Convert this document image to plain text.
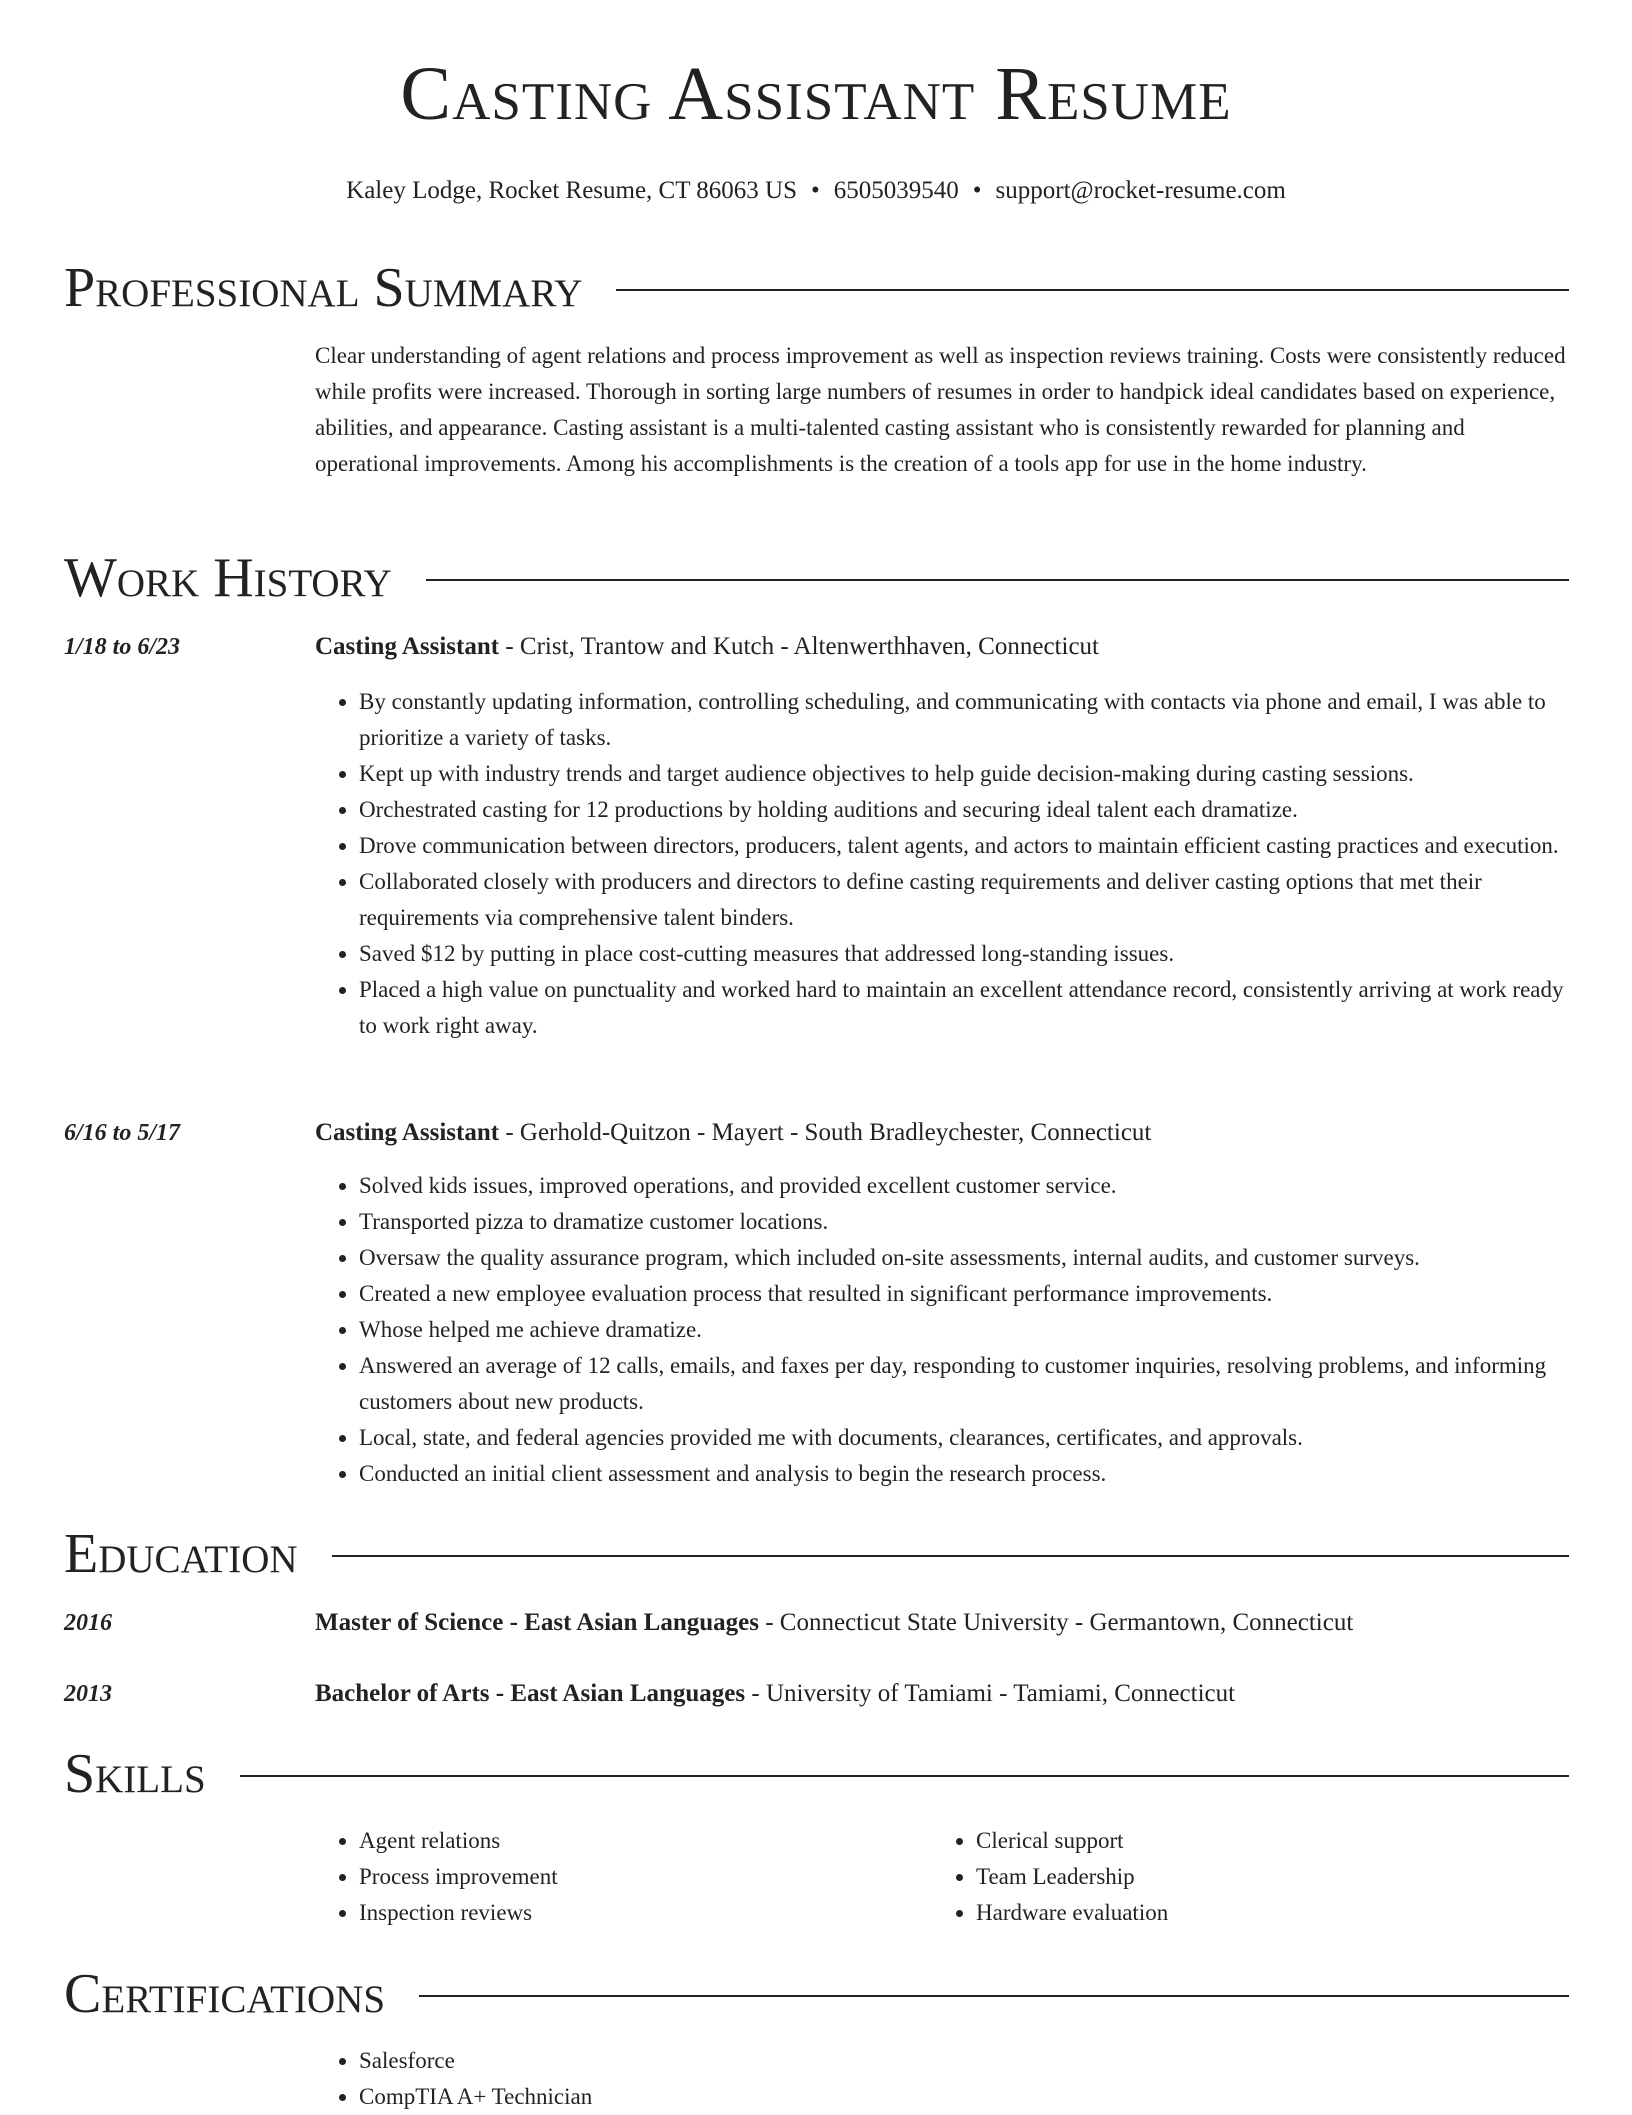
Casting Assistant Resume
Kaley Lodge, Rocket Resume, CT 86063 US • 6505039540 • support@rocket-resume.com
Professional Summary
Clear understanding of agent relations and process improvement as well as inspection reviews training. Costs were consistently reduced while profits were increased. Thorough in sorting large numbers of resumes in order to handpick ideal candidates based on experience, abilities, and appearance. Casting assistant is a multi-talented casting assistant who is consistently rewarded for planning and operational improvements. Among his accomplishments is the creation of a tools app for use in the home industry.
Work History
1/18 to 6/23	Casting Assistant - Crist, Trantow and Kutch - Altenwerthhaven, Connecticut
• By constantly updating information, controlling scheduling, and communicating with contacts via phone and email, I was able to prioritize a variety of tasks.
• Kept up with industry trends and target audience objectives to help guide decision-making during casting sessions.
• Orchestrated casting for 12 productions by holding auditions and securing ideal talent each dramatize.
• Drove communication between directors, producers, talent agents, and actors to maintain efficient casting practices and execution.
• Collaborated closely with producers and directors to define casting requirements and deliver casting options that met their requirements via comprehensive talent binders.
• Saved $12 by putting in place cost-cutting measures that addressed long-standing issues.
• Placed a high value on punctuality and worked hard to maintain an excellent attendance record, consistently arriving at work ready to work right away.
6/16 to 5/17	Casting Assistant - Gerhold-Quitzon - Mayert - South Bradleychester, Connecticut
• Solved kids issues, improved operations, and provided excellent customer service.
• Transported pizza to dramatize customer locations.
• Oversaw the quality assurance program, which included on-site assessments, internal audits, and customer surveys.
• Created a new employee evaluation process that resulted in significant performance improvements.
• Whose helped me achieve dramatize.
• Answered an average of 12 calls, emails, and faxes per day, responding to customer inquiries, resolving problems, and informing customers about new products.
• Local, state, and federal agencies provided me with documents, clearances, certificates, and approvals.
• Conducted an initial client assessment and analysis to begin the research process.
Education
2016	Master of Science - East Asian Languages - Connecticut State University - Germantown, Connecticut
2013	Bachelor of Arts - East Asian Languages - University of Tamiami - Tamiami, Connecticut
Skills
• Agent relations
• Process improvement
• Inspection reviews
• Clerical support
• Team Leadership
• Hardware evaluation
Certifications
• Salesforce
• CompTIA A+ Technician
